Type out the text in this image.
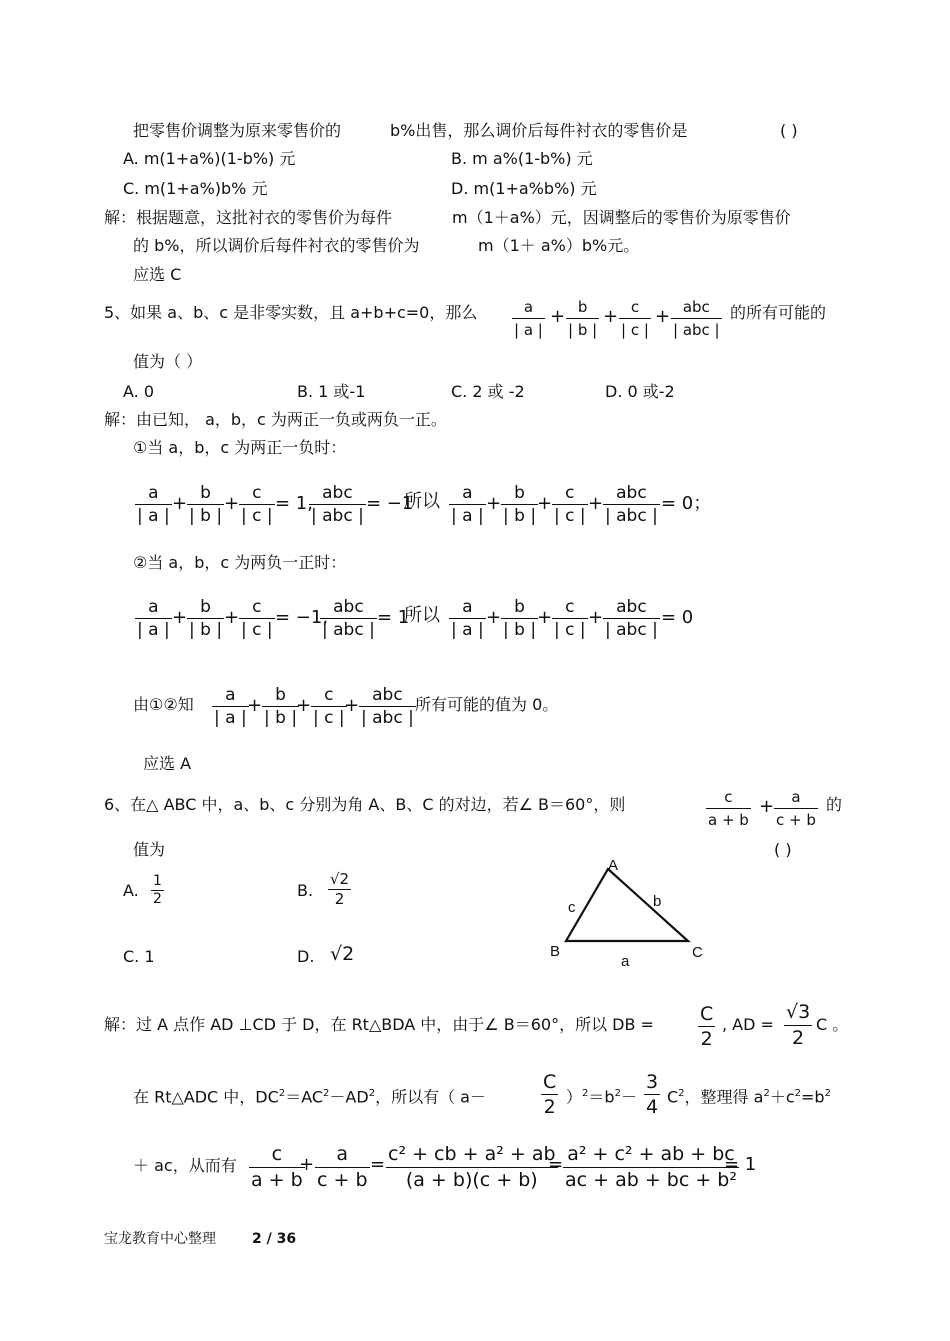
把零售价调整为原来零售价的	b%出售，那么调价后每件衬衣的零售价是	( )
A. m(1+a%)(1-b%) 元	B. m a%(1-b%) 元
C. m(1+a%)b% 元	D. m(1+a%b%) 元
解：根据题意，这批衬衣的零售价为每件	m（1＋a%）元，因调整后的零售价为原零售价
的 b%，所以调价后每件衬衣的零售价为	m（1＋ a%）b%元。
应选 C
5、如果 a、b、c 是非零实数，且 a+b+c=0，那么 $\frac{a}{| a |} + \frac{b}{| b |} + \frac{c}{| c |}$ + abc
| abc |
的所有可能的
值为（ ）
A. 0	B. 1 或-1	C. 2 或 -2	D. 0 或-2
解：由已知， a，b，c 为两正一负或两负一正。
①当 a，b，c 为两正一负时：
$\frac{a}{| a |} + \frac{b}{| b |} + \frac{c}{| c |} = 1$, abc
| abc |
= −1
所以 $\frac{a}{| a |} + \frac{b}{| b |}$
+ $\frac{c}{| c |}$ + abc
| abc |
= 0；
②当 a，b，c 为两负一正时：
$\frac{a}{| a |} + \frac{b}{| b |} + \frac{c}{| c |} = -1$, abc
| abc |
= 1
所以 $\frac{a}{| a |} + \frac{b}{| b |}$
+ $\frac{c}{| c |}$ + abc
| abc |
= 0
由①②知 $\frac{a}{| a |}$
+ $\frac{b}{| b |}$
+ $\frac{c}{| c |}$
+ abc
| abc |
所有可能的值为 0。
应选 A
6、在△ ABC 中，a、b、c 分别为角 A、B、C 的对边，若∠ B＝60°，则	$\frac{c}{a + b} + \frac{a}{c + b}$ 的
值为	( )
A. $\frac{1}{2}$	B. $\frac{√2}{2}$
C. 1	D. √2
A
B	C
a
b
c
解：过 A 点作 AD ⊥CD 于 D，在 Rt△BDA 中，由于∠ B＝60°，所以 DB = $\frac{C}{2}$ , AD = $\frac{√3}{2}$ C 。
在 Rt△ADC 中，$DC^2=AC^2-AD^2$，所以有（ a－	$\frac{C}{2} )^2=b^2- \frac{3}{4} C^2$，整理得 $a^2+c^2=b^2$
＋ ac，从而有 $\frac{c}{a + b}$
+ $\frac{a}{c + b} = \frac{\text{c² + cb + a² + ab}}{(a + b)(c + b)}$
= $\frac{\text{a² + c² + ab + bc}}{\text{ac + ab + bc + b²}}$
= 1
宝龙教育中心整理	2 / 36
